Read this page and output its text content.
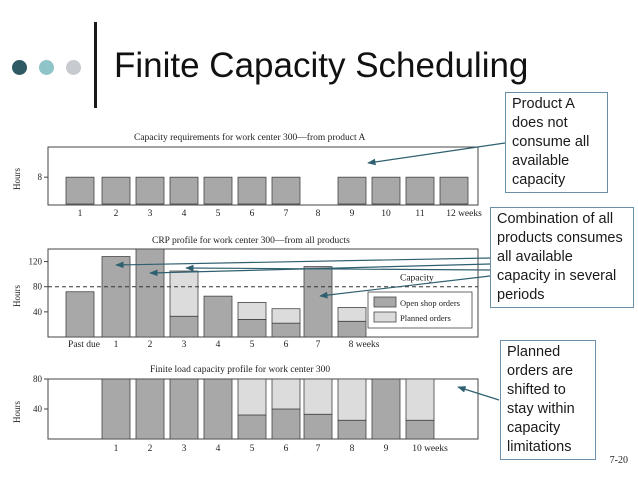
Finite Capacity Scheduling
Capacity requirements for work center 300—from product A
Hours 8
1	2	3	4	5	6	7	8	9	10	11 12 weeks
CRP profile for work center 300—from all products
Hours
40
80
120
Past due 1	2	3	4	5	6	7	8 weeks
Capacity
Open shop orders
Planned orders
Finite load capacity profile for work center 300
Hours 40
80
1	2	3	4	5	6	7	8	9	10 weeks
Product A does not consume all available capacity
Combination of all products consumes all available capacity in several periods
Planned orders are shifted to stay within capacity limitations
7-20
